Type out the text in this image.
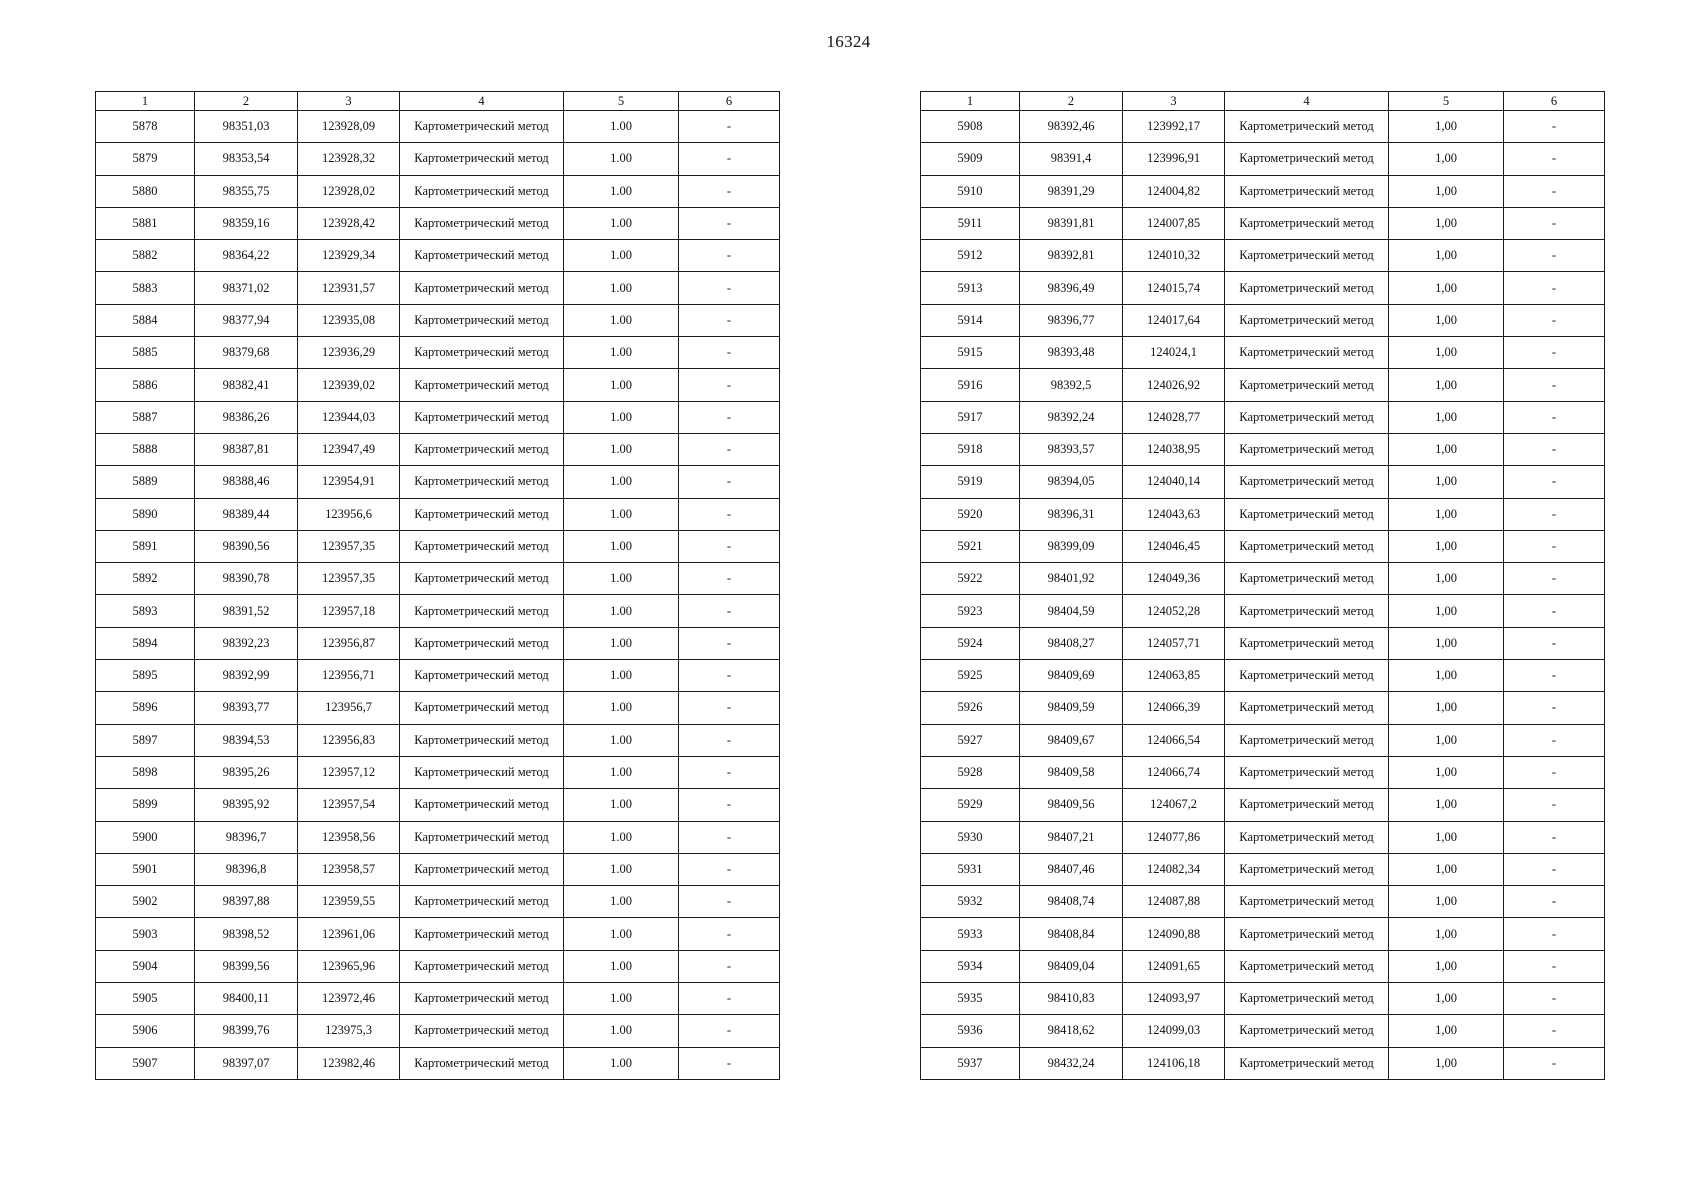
16324
1	2	3	4	5	6
5878	98351,03	123928,09	Картометрический метод	1.00	-
5879	98353,54	123928,32	Картометрический метод	1.00	-
5880	98355,75	123928,02	Картометрический метод	1.00	-
5881	98359,16	123928,42	Картометрический метод	1.00	-
5882	98364,22	123929,34	Картометрический метод	1.00	-
5883	98371,02	123931,57	Картометрический метод	1.00	-
5884	98377,94	123935,08	Картометрический метод	1.00	-
5885	98379,68	123936,29	Картометрический метод	1.00	-
5886	98382,41	123939,02	Картометрический метод	1.00	-
5887	98386,26	123944,03	Картометрический метод	1.00	-
5888	98387,81	123947,49	Картометрический метод	1.00	-
5889	98388,46	123954,91	Картометрический метод	1.00	-
5890	98389,44	123956,6	Картометрический метод	1.00	-
5891	98390,56	123957,35	Картометрический метод	1.00	-
5892	98390,78	123957,35	Картометрический метод	1.00	-
5893	98391,52	123957,18	Картометрический метод	1.00	-
5894	98392,23	123956,87	Картометрический метод	1.00	-
5895	98392,99	123956,71	Картометрический метод	1.00	-
5896	98393,77	123956,7	Картометрический метод	1.00	-
5897	98394,53	123956,83	Картометрический метод	1.00	-
5898	98395,26	123957,12	Картометрический метод	1.00	-
5899	98395,92	123957,54	Картометрический метод	1.00	-
5900	98396,7	123958,56	Картометрический метод	1.00	-
5901	98396,8	123958,57	Картометрический метод	1.00	-
5902	98397,88	123959,55	Картометрический метод	1.00	-
5903	98398,52	123961,06	Картометрический метод	1.00	-
5904	98399,56	123965,96	Картометрический метод	1.00	-
5905	98400,11	123972,46	Картометрический метод	1.00	-
5906	98399,76	123975,3	Картометрический метод	1.00	-
5907	98397,07	123982,46	Картометрический метод	1.00	-
1	2	3	4	5	6
5908	98392,46	123992,17	Картометрический метод	1,00	-
5909	98391,4	123996,91	Картометрический метод	1,00	-
5910	98391,29	124004,82	Картометрический метод	1,00	-
5911	98391,81	124007,85	Картометрический метод	1,00	-
5912	98392,81	124010,32	Картометрический метод	1,00	-
5913	98396,49	124015,74	Картометрический метод	1,00	-
5914	98396,77	124017,64	Картометрический метод	1,00	-
5915	98393,48	124024,1	Картометрический метод	1,00	-
5916	98392,5	124026,92	Картометрический метод	1,00	-
5917	98392,24	124028,77	Картометрический метод	1,00	-
5918	98393,57	124038,95	Картометрический метод	1,00	-
5919	98394,05	124040,14	Картометрический метод	1,00	-
5920	98396,31	124043,63	Картометрический метод	1,00	-
5921	98399,09	124046,45	Картометрический метод	1,00	-
5922	98401,92	124049,36	Картометрический метод	1,00	-
5923	98404,59	124052,28	Картометрический метод	1,00	-
5924	98408,27	124057,71	Картометрический метод	1,00	-
5925	98409,69	124063,85	Картометрический метод	1,00	-
5926	98409,59	124066,39	Картометрический метод	1,00	-
5927	98409,67	124066,54	Картометрический метод	1,00	-
5928	98409,58	124066,74	Картометрический метод	1,00	-
5929	98409,56	124067,2	Картометрический метод	1,00	-
5930	98407,21	124077,86	Картометрический метод	1,00	-
5931	98407,46	124082,34	Картометрический метод	1,00	-
5932	98408,74	124087,88	Картометрический метод	1,00	-
5933	98408,84	124090,88	Картометрический метод	1,00	-
5934	98409,04	124091,65	Картометрический метод	1,00	-
5935	98410,83	124093,97	Картометрический метод	1,00	-
5936	98418,62	124099,03	Картометрический метод	1,00	-
5937	98432,24	124106,18	Картометрический метод	1,00	-
